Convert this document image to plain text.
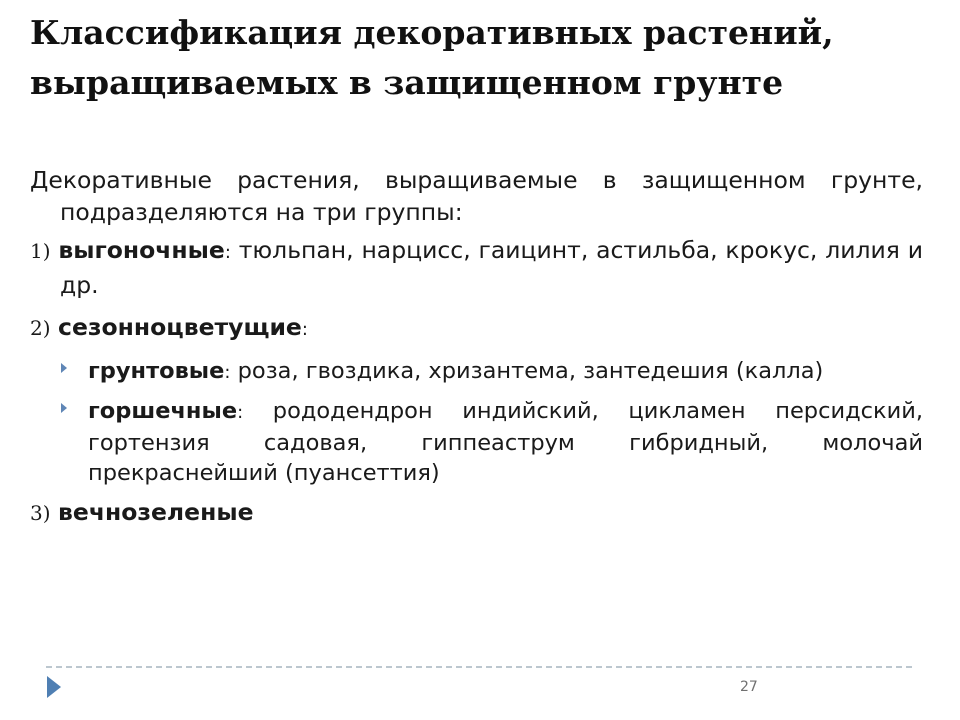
Классификация декоративных растений, выращиваемых в защищенном грунте

Декоративные растения, выращиваемые в защищенном грунте, подразделяются на три группы:

1) выгоночные: тюльпан, нарцисс, гаицинт, астильба, крокус, лилия и др.

2) сезонноцветущие:

грунтовые: роза, гвоздика, хризантема, зантедешия (калла)

горшечные: рододендрон индийский, цикламен персидский, гортензия садовая, гиппеаструм гибридный, молочай прекраснейший (пуансеттия)

3) вечнозеленые

27
